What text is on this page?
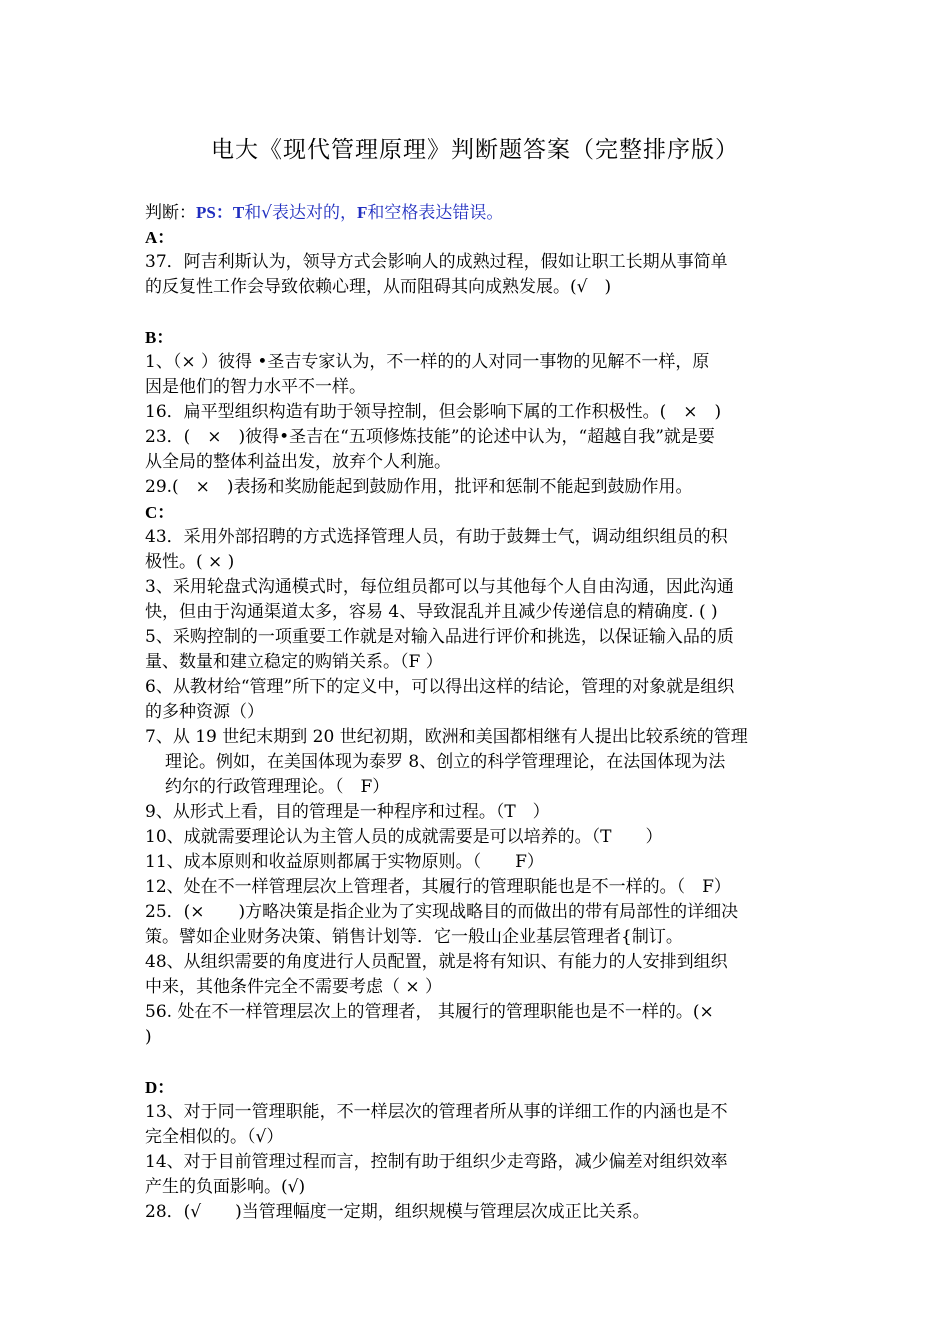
电大《现代管理原理》判断题答案（完整排序版）
判断：PS：T和√表达对的，F和空格表达错误。
A：
37．阿吉利斯认为，领导方式会影响人的成熟过程，假如让职工长期从事简单
的反复性工作会导致依赖心理，从而阻碍其向成熟发展。(√　)
B：
1、（× ）彼得 •圣吉专家认为，不一样的的人对同一事物的见解不一样，原
因是他们的智力水平不一样。
16．扁平型组织构造有助于领导控制，但会影响下属的工作积极性。(　×　)
23．(　×　)彼得•圣吉在“五项修炼技能”的论述中认为，“超越自我”就是要
从全局的整体利益出发，放弃个人利施。
29.(　×　)表扬和奖励能起到鼓励作用，批评和惩制不能起到鼓励作用。
C：
43．采用外部招聘的方式选择管理人员，有助于鼓舞士气，调动组织组员的积
极性。( × )
3、采用轮盘式沟通模式时，每位组员都可以与其他每个人自由沟通，因此沟通
快，但由于沟通渠道太多，容易 4、导致混乱并且减少传递信息的精确度. ( )
5、采购控制的一项重要工作就是对输入品进行评价和挑选，以保证输入品的质
量、数量和建立稳定的购销关系。（F ）
6、从教材给“管理”所下的定义中，可以得出这样的结论，管理的对象就是组织
的多种资源（）
7、从 19 世纪末期到 20 世纪初期，欧洲和美国都相继有人提出比较系统的管理
理论。例如，在美国体现为泰罗 8、创立的科学管理理论，在法国体现为法
约尔的行政管理理论。（　F）
9、从形式上看，目的管理是一种程序和过程。（T　）
10、成就需要理论认为主管人员的成就需要是可以培养的。（T　　）
11、成本原则和收益原则都属于实物原则。（　　F）
12、处在不一样管理层次上管理者，其履行的管理职能也是不一样的。（　F）
25．(×　　)方略决策是指企业为了实现战略目的而做出的带有局部性的详细决
策。譬如企业财务决策、销售计划等．它一般山企业基层管理者{制订。
48、从组织需要的角度进行人员配置，就是将有知识、有能力的人安排到组织
中来，其他条件完全不需要考虑（ × ）
56. 处在不一样管理层次上的管理者， 其履行的管理职能也是不一样的。(×
)
D：
13、对于同一管理职能，不一样层次的管理者所从事的详细工作的内涵也是不
完全相似的。（√）
14、对于目前管理过程而言，控制有助于组织少走弯路，减少偏差对组织效率
产生的负面影响。(√)
28．(√　　)当管理幅度一定期，组织规模与管理层次成正比关系。
